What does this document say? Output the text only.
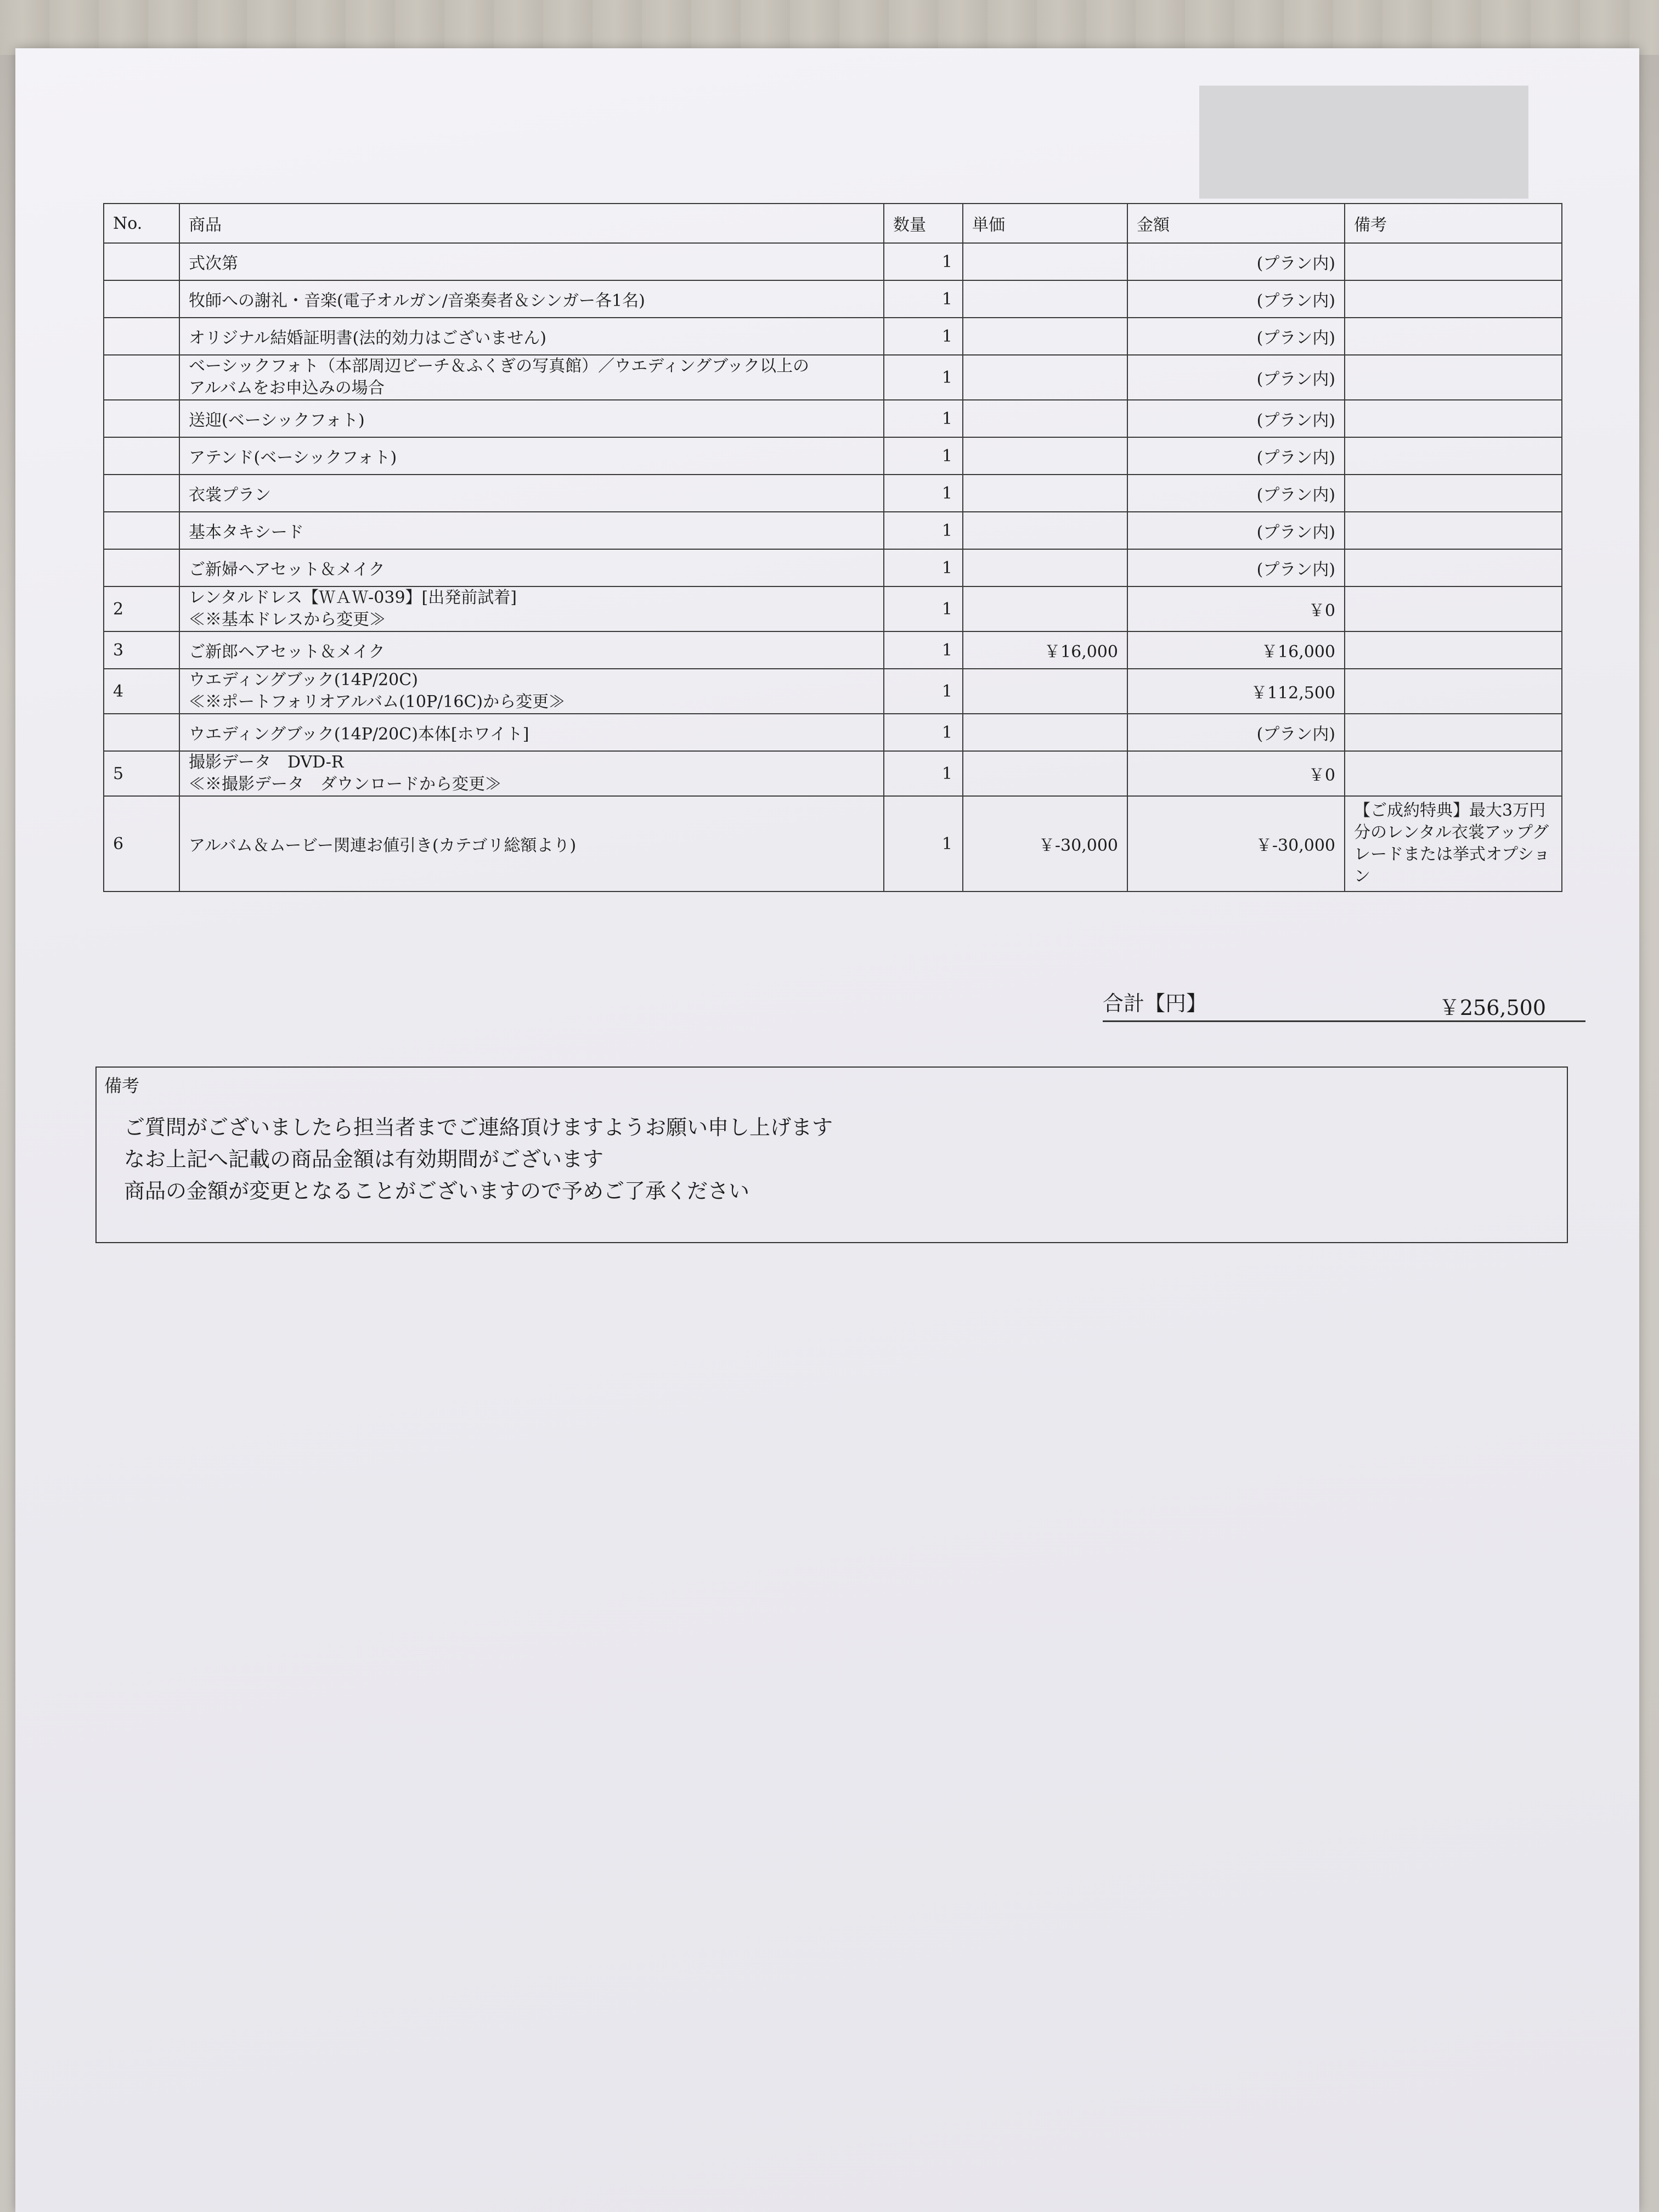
No.	商品	数量	単価	金額	備考
	式次第	1		(プラン内)	
	牧師への謝礼・音楽(電子オルガン/音楽奏者＆シンガー各1名)	1		(プラン内)	
	オリジナル結婚証明書(法的効力はございません)	1		(プラン内)	

	ベーシックフォト（本部周辺ビーチ＆ふくぎの写真館）／ウエディングブック以上の
アルバムをお申込みの場合	1		(プラン内)	
	送迎(ベーシックフォト)	1		(プラン内)	
	アテンド(ベーシックフォト)	1		(プラン内)	
	衣裳プラン	1		(プラン内)	
	基本タキシード	1		(プラン内)	
	ご新婦ヘアセット＆メイク	1		(プラン内)	
2	レンタルドレス【ＷＡＷ-039】[出発前試着]
≪※基本ドレスから変更≫	1		￥0	
3	ご新郎ヘアセット＆メイク	1	￥16,000	￥16,000	
4	ウエディングブック(14P/20C)
≪※ポートフォリオアルバム(10P/16C)から変更≫	1		￥112,500	
	ウエディングブック(14P/20C)本体[ホワイト]	1		(プラン内)	
5	撮影データ　DVD-R
≪※撮影データ　ダウンロードから変更≫	1		￥0	
6	アルバム＆ムービー関連お値引き(カテゴリ総額より)	1	￥-30,000	￥-30,000	【ご成約特典】最大3万円分のレンタル衣裳アップグレードまたは挙式オプション
合計【円】	￥256,500
備考
ご質問がございましたら担当者までご連絡頂けますようお願い申し上げます
なお上記へ記載の商品金額は有効期間がございます
商品の金額が変更となることがございますので予めご了承ください
